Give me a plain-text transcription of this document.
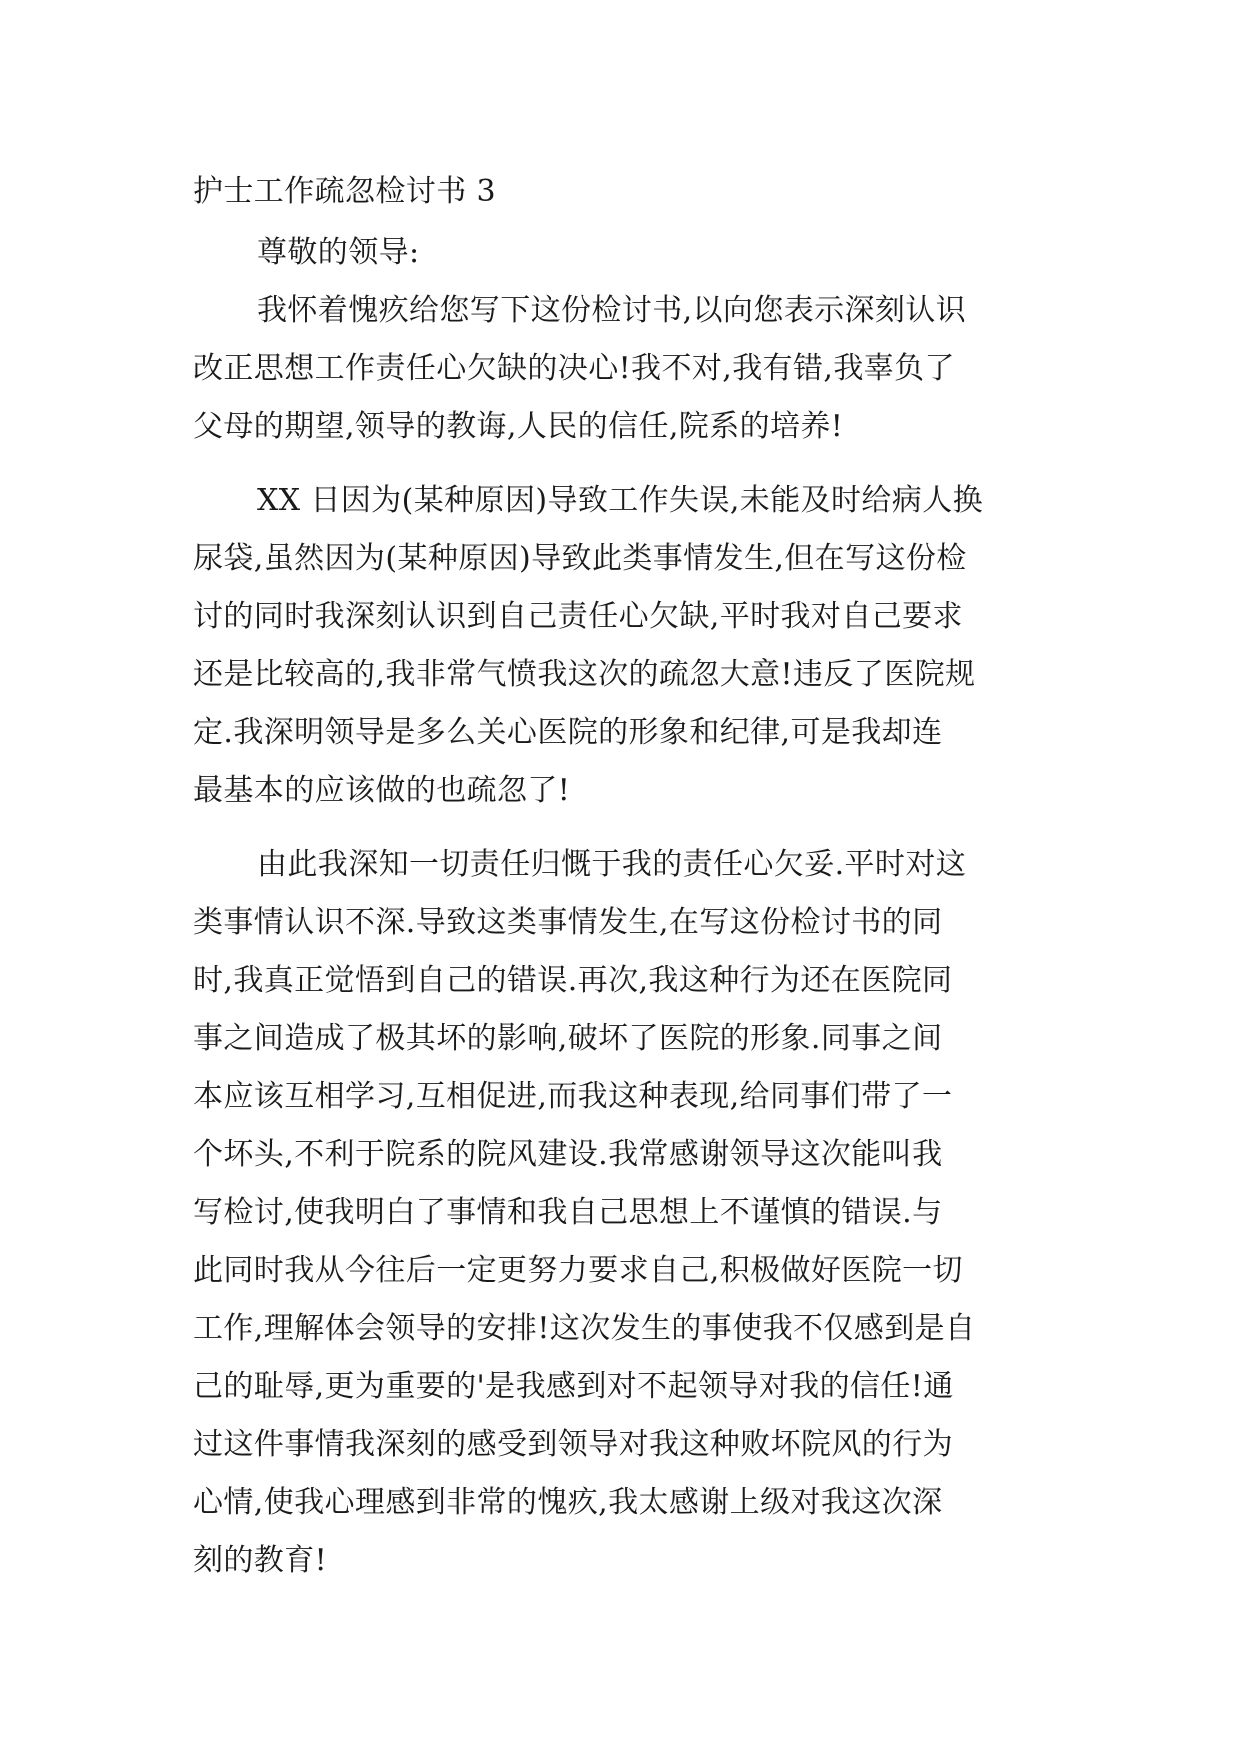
护士工作疏忽检讨书 3
尊敬的领导:
我怀着愧疚给您写下这份检讨书,以向您表示深刻认识
改正思想工作责任心欠缺的决心!我不对,我有错,我辜负了
父母的期望,领导的教诲,人民的信任,院系的培养!
XX 日因为(某种原因)导致工作失误,未能及时给病人换
尿袋,虽然因为(某种原因)导致此类事情发生,但在写这份检
讨的同时我深刻认识到自己责任心欠缺,平时我对自己要求
还是比较高的,我非常气愤我这次的疏忽大意!违反了医院规
定.我深明领导是多么关心医院的形象和纪律,可是我却连
最基本的应该做的也疏忽了!
由此我深知一切责任归慨于我的责任心欠妥.平时对这
类事情认识不深.导致这类事情发生,在写这份检讨书的同
时,我真正觉悟到自己的错误.再次,我这种行为还在医院同
事之间造成了极其坏的影响,破坏了医院的形象.同事之间
本应该互相学习,互相促进,而我这种表现,给同事们带了一
个坏头,不利于院系的院风建设.我常感谢领导这次能叫我
写检讨,使我明白了事情和我自己思想上不谨慎的错误.与
此同时我从今往后一定更努力要求自己,积极做好医院一切
工作,理解体会领导的安排!这次发生的事使我不仅感到是自
己的耻辱,更为重要的'是我感到对不起领导对我的信任!通
过这件事情我深刻的感受到领导对我这种败坏院风的行为
心情,使我心理感到非常的愧疚,我太感谢上级对我这次深
刻的教育!
